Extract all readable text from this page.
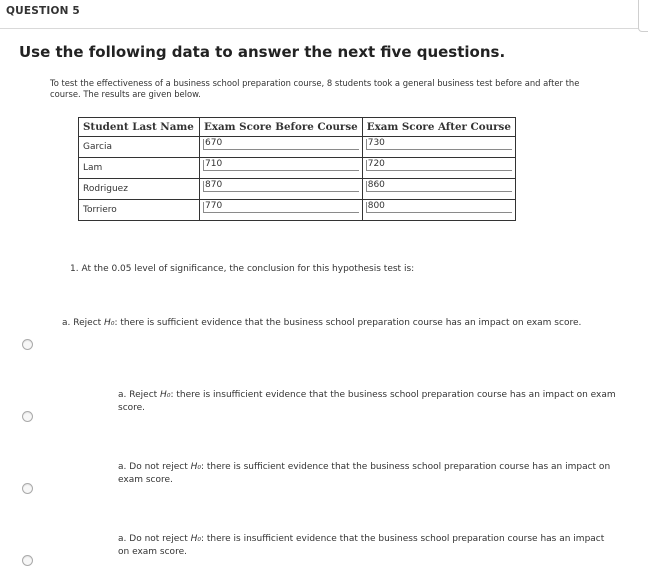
QUESTION 5
Use the following data to answer the next five questions.
To test the effectiveness of a business school preparation course, 8 students took a general business test before and after the course. The results are given below.
Student Last Name	Exam Score Before Course	Exam Score After Course

Garcia	670	730

Lam	710	720

Rodriguez	870	860

Torriero	770	800
1. At the 0.05 level of significance, the conclusion for this hypothesis test is:
a. Reject H₀: there is sufficient evidence that the business school preparation course has an impact on exam score.
a. Reject H₀: there is insufficient evidence that the business school preparation course has an impact on exam score.
a. Do not reject H₀: there is sufficient evidence that the business school preparation course has an impact on exam score.
a. Do not reject H₀: there is insufficient evidence that the business school preparation course has an impact on exam score.
